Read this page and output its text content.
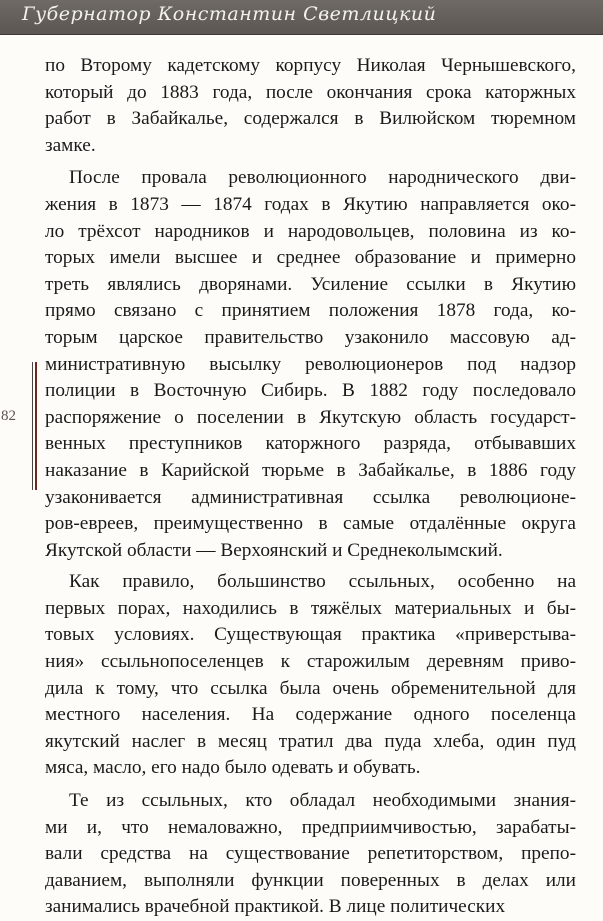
Губернатор Константин Светлицкий
82
по Второму кадетскому корпусу Николая Чернышевского,
который до 1883 года, после окончания срока каторжных
работ в Забайкалье, содержался в Вилюйском тюремном
замке.
После провала революционного народнического дви-
жения в 1873 — 1874 годах в Якутию направляется око-
ло трёхсот народников и народовольцев, половина из ко-
торых имели высшее и среднее образование и примерно
треть являлись дворянами. Усиление ссылки в Якутию
прямо связано с принятием положения 1878 года, ко-
торым царское правительство узаконило массовую ад-
министративную высылку революционеров под надзор
полиции в Восточную Сибирь. В 1882 году последовало
распоряжение о поселении в Якутскую область государст-
венных преступников каторжного разряда, отбывавших
наказание в Карийской тюрьме в Забайкалье, в 1886 году
узаконивается административная ссылка революционе-
ров-евреев, преимущественно в самые отдалённые округа
Якутской области — Верхоянский и Среднеколымский.
Как правило, большинство ссыльных, особенно на
первых порах, находились в тяжёлых материальных и бы-
товых условиях. Существующая практика «приверстыва-
ния» ссыльнопоселенцев к старожилым деревням приво-
дила к тому, что ссылка была очень обременительной для
местного населения. На содержание одного поселенца
якутский наслег в месяц тратил два пуда хлеба, один пуд
мяса, масло, его надо было одевать и обувать.
Те из ссыльных, кто обладал необходимыми знания-
ми и, что немаловажно, предприимчивостью, зарабаты-
вали средства на существование репетиторством, препо-
даванием, выполняли функции поверенных в делах или
занимались врачебной практикой. В лице политических
